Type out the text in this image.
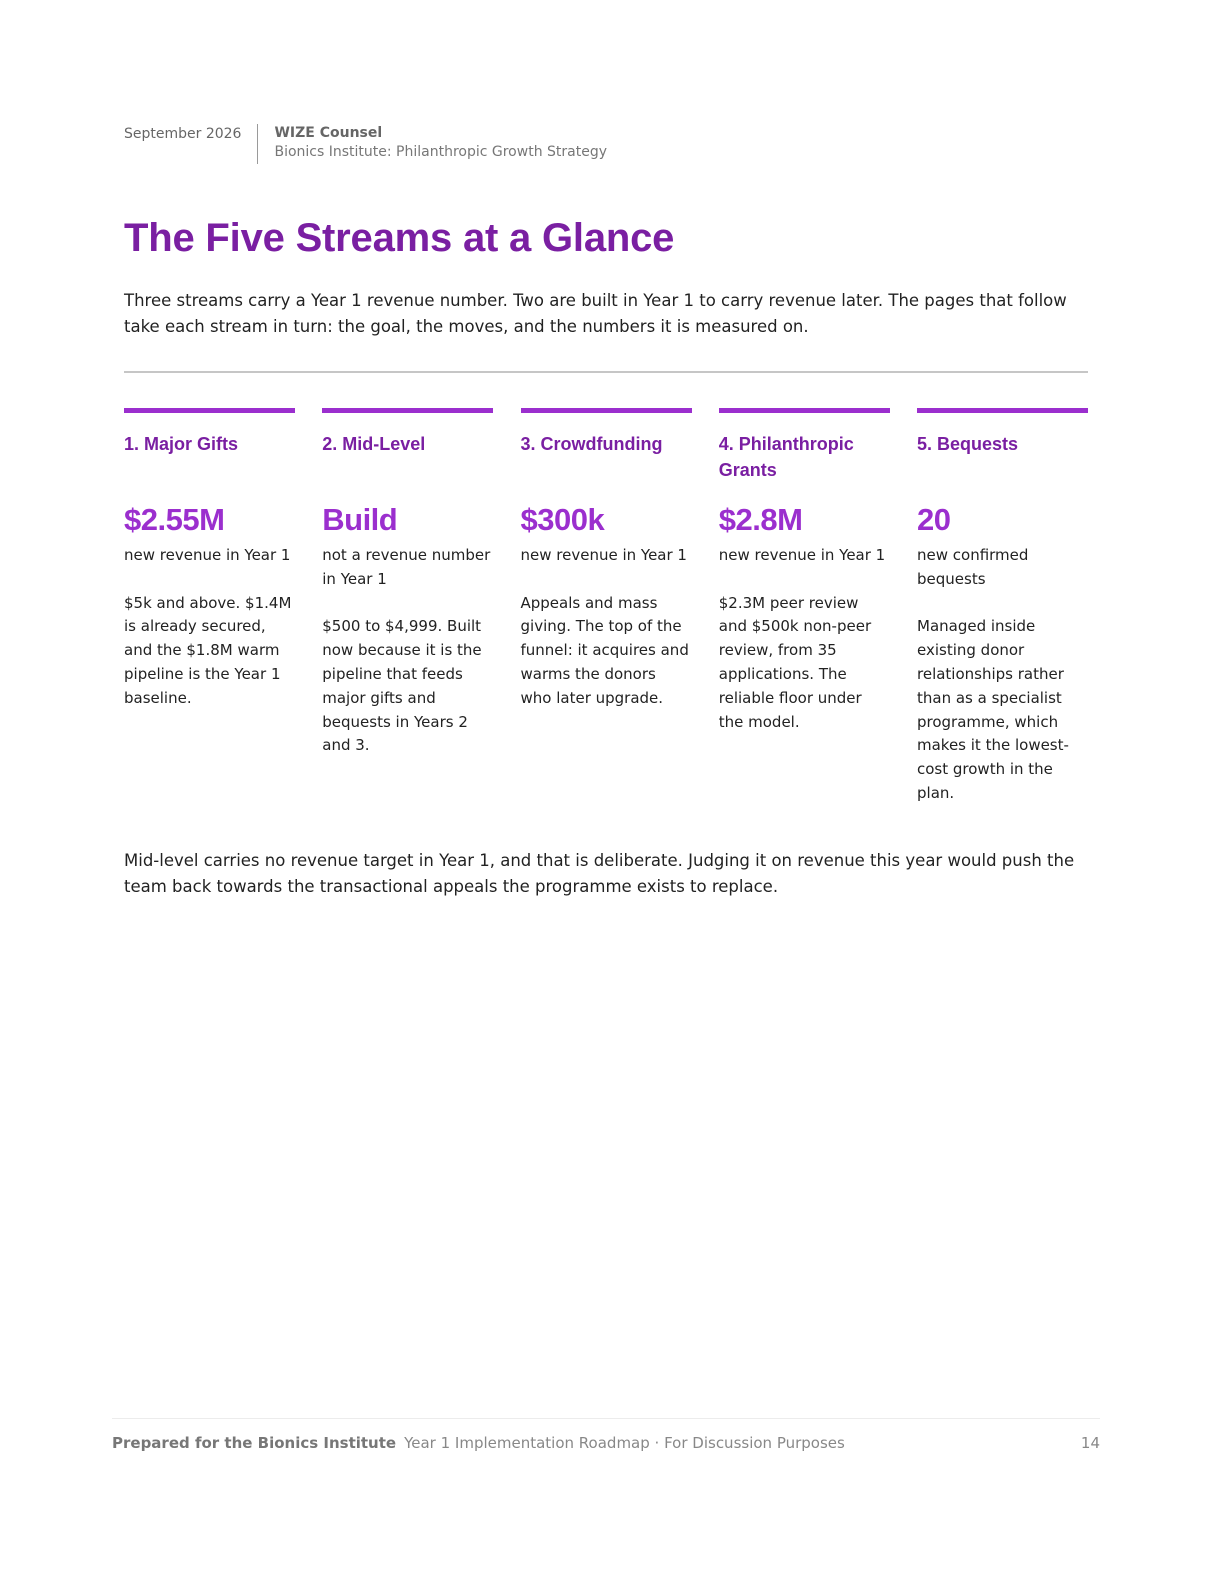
September 2026	WIZE Counsel
Bionics Institute: Philanthropic Growth Strategy
The Five Streams at a Glance

Three streams carry a Year 1 revenue number. Two are built in Year 1 to carry revenue later. The pages that follow take each stream in turn: the goal, the moves, and the numbers it is measured on.

1. Major Gifts
$2.55M
new revenue in Year 1
$5k and above. $1.4M is already secured, and the $1.8M warm pipeline is the Year 1 baseline.
2. Mid-Level
Build
not a revenue number in Year 1
$500 to $4,999. Built now because it is the pipeline that feeds major gifts and bequests in Years 2 and 3.
3. Crowdfunding
$300k
new revenue in Year 1
Appeals and mass giving. The top of the funnel: it acquires and warms the donors who later upgrade.
4. Philanthropic Grants
$2.8M
new revenue in Year 1
$2.3M peer review and $500k non-peer review, from 35 applications. The reliable floor under the model.
5. Bequests
20
new confirmed bequests
Managed inside existing donor relationships rather than as a specialist programme, which makes it the lowest-cost growth in the plan.

Mid-level carries no revenue target in Year 1, and that is deliberate. Judging it on revenue this year would push the team back towards the transactional appeals the programme exists to replace.

Prepared for the Bionics Institute Year 1 Implementation Roadmap · For Discussion Purposes	14
